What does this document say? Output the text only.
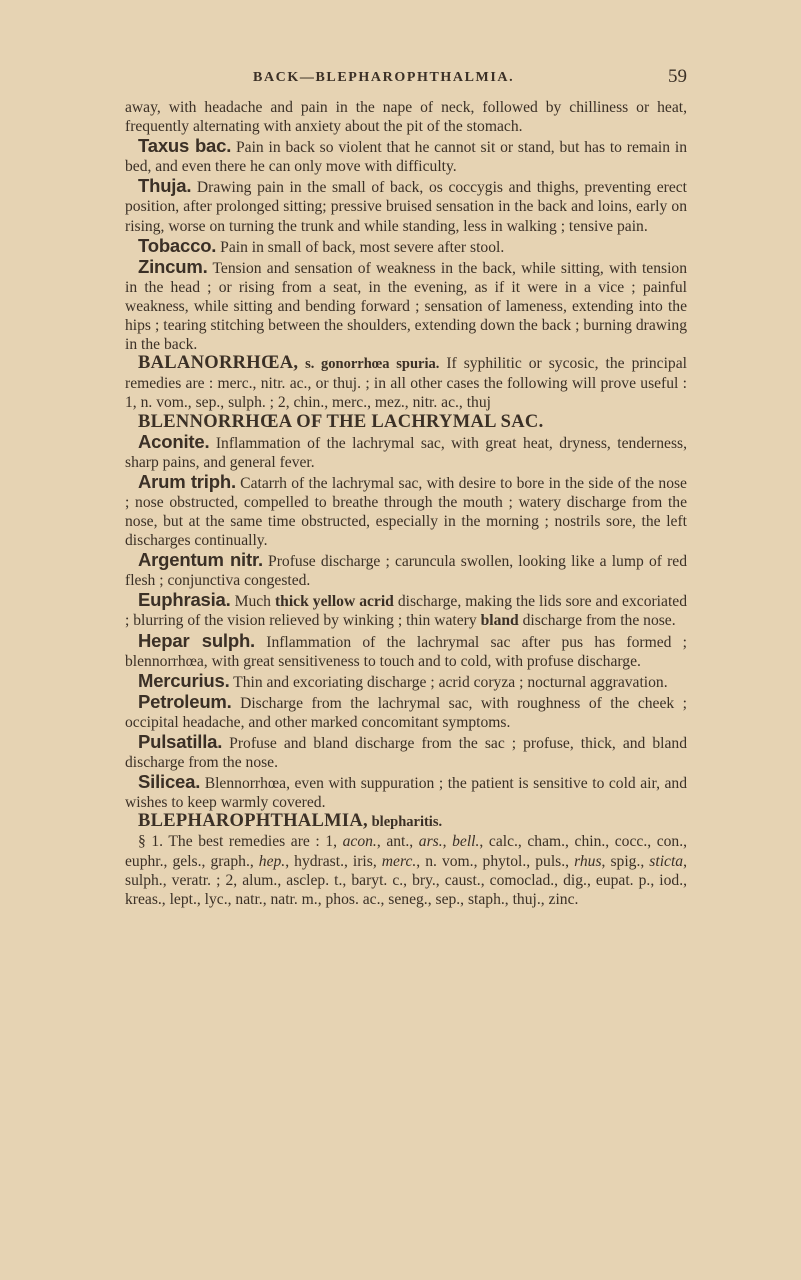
BACK—BLEPHAROPHTHALMIA.	59

away, with headache and pain in the nape of neck, followed by chilliness or heat, frequently alternating with anxiety about the pit of the stomach.

Taxus bac. Pain in back so violent that he cannot sit or stand, but has to remain in bed, and even there he can only move with difficulty.

Thuja. Drawing pain in the small of back, os coccygis and thighs, preventing erect position, after prolonged sitting; pressive bruised sensation in the back and loins, early on rising, worse on turning the trunk and while standing, less in walking ; tensive pain.

Tobacco. Pain in small of back, most severe after stool.

Zincum. Tension and sensation of weakness in the back, while sitting, with tension in the head ; or rising from a seat, in the evening, as if it were in a vice ; painful weakness, while sitting and bending forward ; sensation of lameness, extending into the hips ; tearing stitching between the shoulders, extending down the back ; burning drawing in the back.

BALANORRHŒA, s. gonorrhœa spuria. If syphilitic or sycosic, the principal remedies are : merc., nitr. ac., or thuj. ; in all other cases the following will prove useful : 1, n. vom., sep., sulph. ; 2, chin., merc., mez., nitr. ac., thuj

BLENNORRHŒA OF THE LACHRYMAL SAC.

Aconite. Inflammation of the lachrymal sac, with great heat, dryness, tenderness, sharp pains, and general fever.

Arum triph. Catarrh of the lachrymal sac, with desire to bore in the side of the nose ; nose obstructed, compelled to breathe through the mouth ; watery discharge from the nose, but at the same time obstructed, especially in the morning ; nostrils sore, the left discharges continually.

Argentum nitr. Profuse discharge ; caruncula swollen, looking like a lump of red flesh ; conjunctiva congested.

Euphrasia. Much thick yellow acrid discharge, making the lids sore and excoriated ; blurring of the vision relieved by winking ; thin watery bland discharge from the nose.

Hepar sulph. Inflammation of the lachrymal sac after pus has formed ; blennorrhœa, with great sensitiveness to touch and to cold, with profuse discharge.

Mercurius. Thin and excoriating discharge ; acrid coryza ; nocturnal aggravation.

Petroleum. Discharge from the lachrymal sac, with roughness of the cheek ; occipital headache, and other marked concomitant symptoms.

Pulsatilla. Profuse and bland discharge from the sac ; profuse, thick, and bland discharge from the nose.

Silicea. Blennorrhœa, even with suppuration ; the patient is sensitive to cold air, and wishes to keep warmly covered.

BLEPHAROPHTHALMIA, blepharitis.

§ 1. The best remedies are : 1, acon., ant., ars., bell., calc., cham., chin., cocc., con., euphr., gels., graph., hep., hydrast., iris, merc., n. vom., phytol., puls., rhus, spig., sticta, sulph., veratr. ; 2, alum., asclep. t., baryt. c., bry., caust., comoclad., dig., eupat. p., iod., kreas., lept., lyc., natr., natr. m., phos. ac., seneg., sep., staph., thuj., zinc.
